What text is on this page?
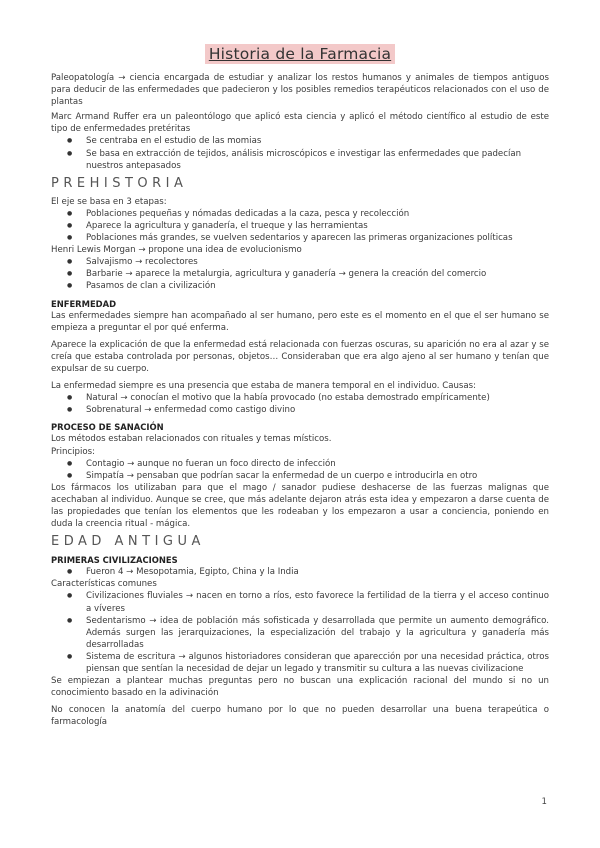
Historia de la Farmacia

Paleopatología → ciencia encargada de estudiar y analizar los restos humanos y animales de tiempos antiguos para deducir de las enfermedades que padecieron y los posibles remedios terapéuticos relacionados con el uso de plantas

Marc Armand Ruffer era un paleontólogo que aplicó esta ciencia y aplicó el método científico al estudio de este tipo de enfermedades pretéritas

● Se centraba en el estudio de las momias
● Se basa en extracción de tejidos, análisis microscópicos e investigar las enfermedades que padecían nuestros antepasados
PREHISTORIA

El eje se basa en 3 etapas:

● Poblaciones pequeñas y nómadas dedicadas a la caza, pesca y recolección
● Aparece la agricultura y ganadería, el trueque y las herramientas
● Poblaciones más grandes, se vuelven sedentarios y aparecen las primeras organizaciones políticas

Henri Lewis Morgan → propone una idea de evolucionismo

● Salvajismo → recolectores
● Barbarie → aparece la metalurgia, agricultura y ganadería → genera la creación del comercio
● Pasamos de clan a civilización

ENFERMEDAD

Las enfermedades siempre han acompañado al ser humano, pero este es el momento en el que el ser humano se empieza a preguntar el por qué enferma.

Aparece la explicación de que la enfermedad está relacionada con fuerzas oscuras, su aparición no era al azar y se creía que estaba controlada por personas, objetos… Consideraban que era algo ajeno al ser humano y tenían que expulsar de su cuerpo.

La enfermedad siempre es una presencia que estaba de manera temporal en el individuo. Causas:

● Natural → conocían el motivo que la había provocado (no estaba demostrado empíricamente)
● Sobrenatural → enfermedad como castigo divino

PROCESO DE SANACIÓN

Los métodos estaban relacionados con rituales y temas místicos.

Principios:

● Contagio → aunque no fueran un foco directo de infección
● Simpatía → pensaban que podrían sacar la enfermedad de un cuerpo e introducirla en otro

Los fármacos los utilizaban para que el mago / sanador pudiese deshacerse de las fuerzas malignas que acechaban al individuo. Aunque se cree, que más adelante dejaron atrás esta idea y empezaron a darse cuenta de las propiedades que tenían los elementos que les rodeaban y los empezaron a usar a conciencia, poniendo en duda la creencia ritual - mágica.

EDAD ANTIGUA

PRIMERAS CIVILIZACIONES

● Fueron 4 → Mesopotamia, Egipto, China y la India

Características comunes

● Civilizaciones fluviales → nacen en torno a ríos, esto favorece la fertilidad de la tierra y el acceso continuo a víveres
● Sedentarismo → idea de población más sofisticada y desarrollada que permite un aumento demográfico. Además surgen las jerarquizaciones, la especialización del trabajo y la agricultura y ganadería más desarrolladas
● Sistema de escritura → algunos historiadores consideran que aparección por una necesidad práctica, otros piensan que sentían la necesidad de dejar un legado y transmitir su cultura a las nuevas civilizacione

Se empiezan a plantear muchas preguntas pero no buscan una explicación racional del mundo si no un conocimiento basado en la adivinación

No conocen la anatomía del cuerpo humano por lo que no pueden desarrollar una buena terapeútica o farmacología

1
